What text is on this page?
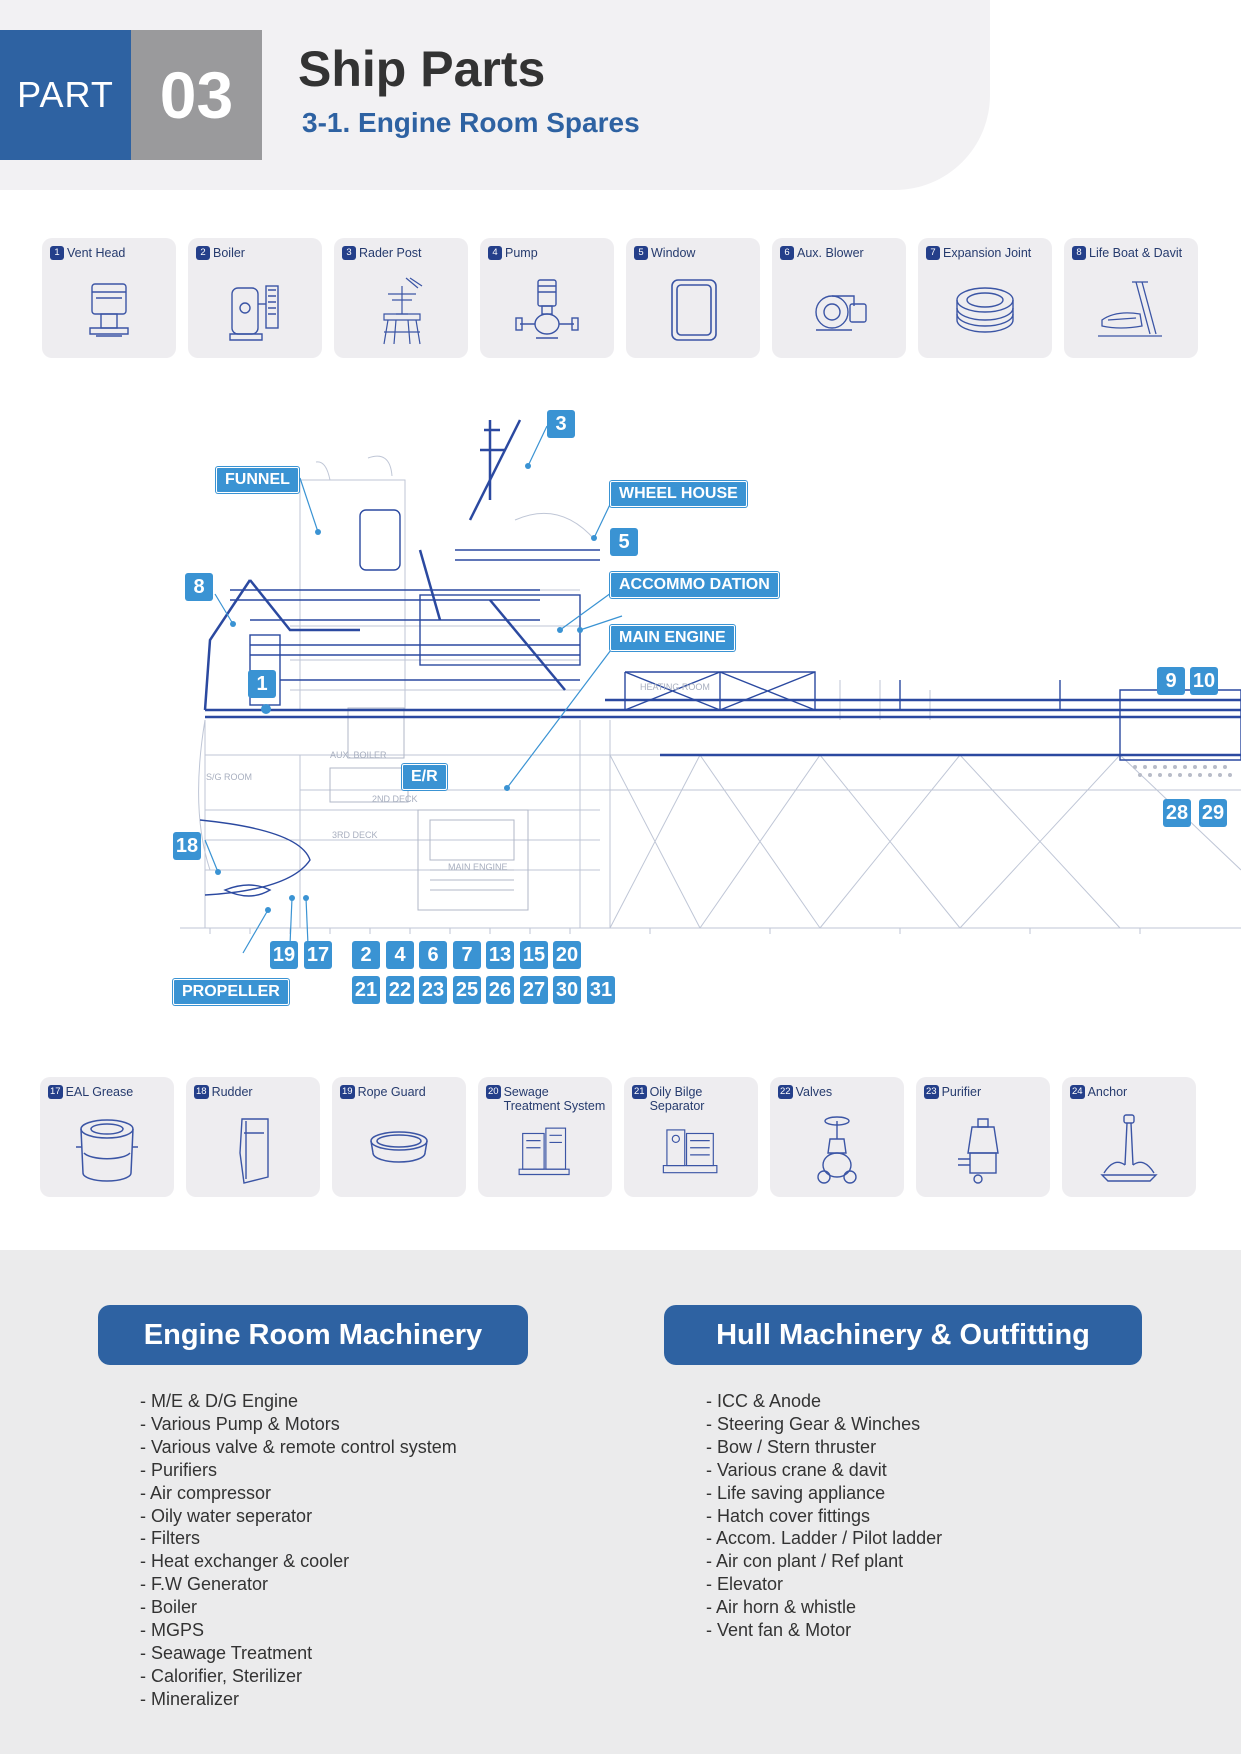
PART 03	Ship Parts
3-1. Engine Room Spares
1 Vent Head	2 Boiler	3 Rader Post	4 Pump	5 Window	6 Aux. Blower	7 Expansion Joint	8 Life Boat & Davit
AUX. BOILER
2ND DECK
3RD DECK
MAIN ENGINE
HEATING ROOM
S/G ROOM
FUNNEL
WHEEL HOUSE
ACCOMMO DATION
MAIN ENGINE
E/R
PROPELLER
3
5
8
1	9 10
28 29
18
19 17	2	4	6	7 13 15 20
21 22 23 25 26 27 30 31
17 EAL Grease	18 Rudder	19 Rope Guard	20 Sewage
Treatment System
21 Oily Bilge
Separator
22 Valves	23 Purifier	24 Anchor
Engine Room Machinery
- M/E & D/G Engine
- Various Pump & Motors
- Various valve & remote control system
- Purifiers
- Air compressor
- Oily water seperator
- Filters
- Heat exchanger & cooler
- F.W Generator
- Boiler
- MGPS
- Seawage Treatment
- Calorifier, Sterilizer
- Mineralizer
Hull Machinery & Outfitting
- ICC & Anode
- Steering Gear & Winches
- Bow / Stern thruster
- Various crane & davit
- Life saving appliance
- Hatch cover fittings
- Accom. Ladder / Pilot ladder
- Air con plant / Ref plant
- Elevator
- Air horn & whistle
- Vent fan & Motor
